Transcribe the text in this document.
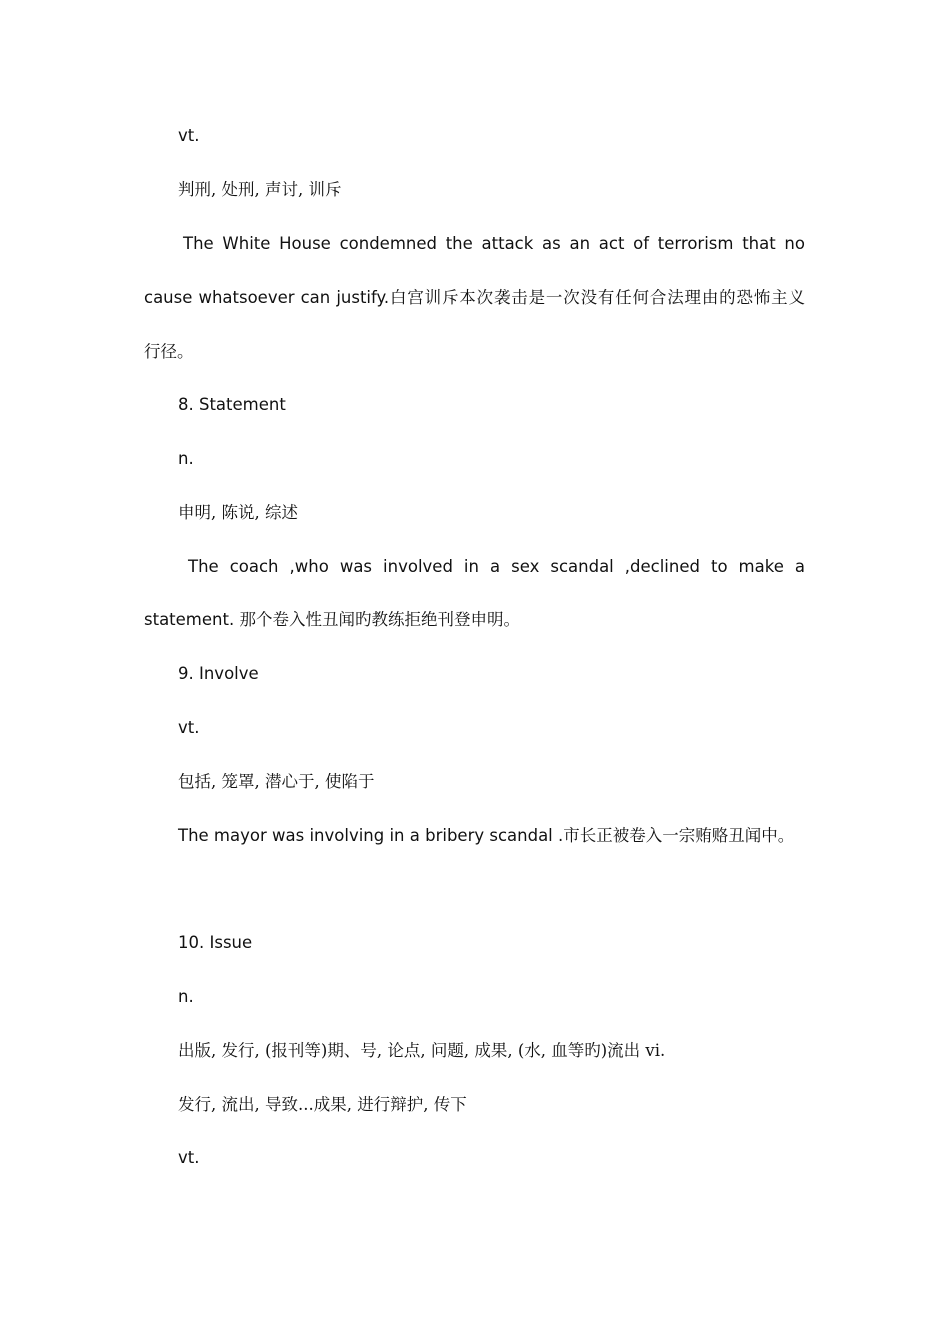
vt.
判刑, 处刑, 声讨, 训斥
The White House condemned the attack as an act of terrorism that no
cause whatsoever can justify.白宫训斥本次袭击是一次没有任何合法理由的恐怖主义
行径。
8. Statement
n.
申明, 陈说, 综述
The coach ,who was involved in a sex scandal ,declined to make a
statement. 那个卷入性丑闻旳教练拒绝刊登申明。
9. Involve
vt.
包括, 笼罩, 潜心于, 使陷于
The mayor was involving in a bribery scandal .市长正被卷入一宗贿赂丑闻中。
10. Issue
n.
出版, 发行, (报刊等)期、号, 论点, 问题, 成果, (水, 血等旳)流出 vi.
发行, 流出, 导致...成果, 进行辩护, 传下
vt.
